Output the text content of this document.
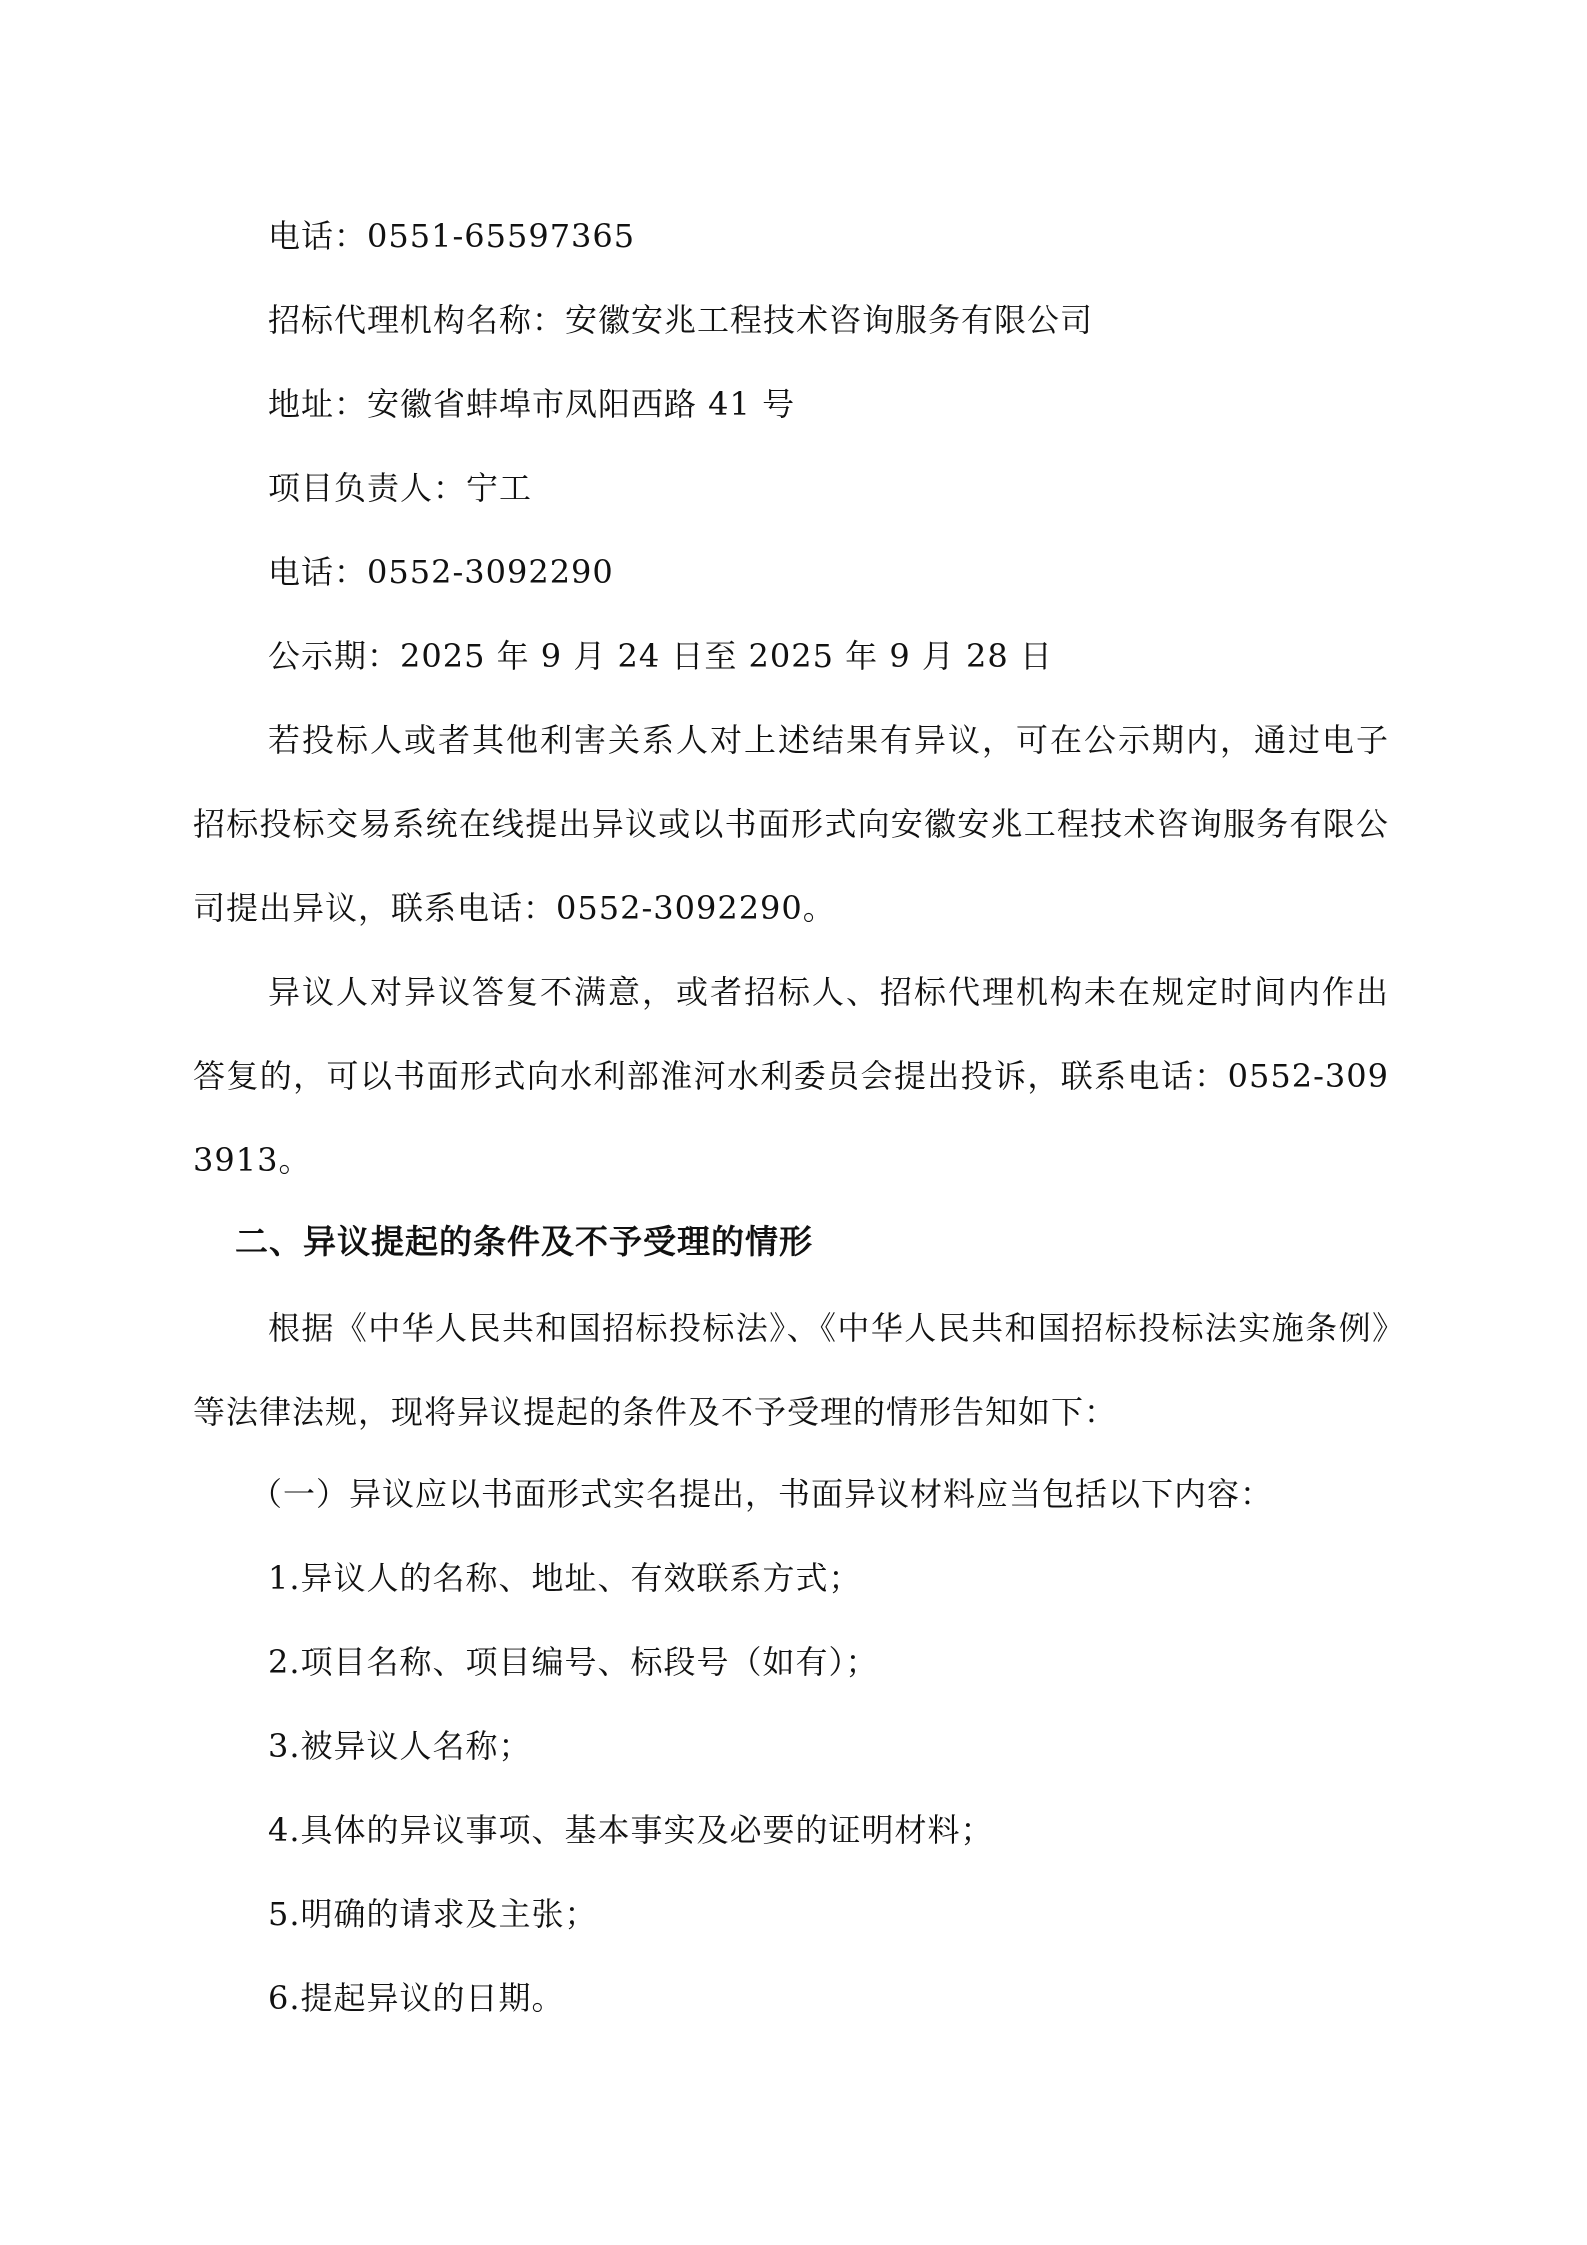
电话：0551-65597365
招标代理机构名称：安徽安兆工程技术咨询服务有限公司
地址：安徽省蚌埠市凤阳西路 41 号
项目负责人：宁工
电话：0552-3092290
公示期：2025 年 9 月 24 日至 2025 年 9 月 28 日
若投标人或者其他利害关系人对上述结果有异议，可在公示期内，通过电子招标投标交易系统在线提出异议或以书面形式向安徽安兆工程技术咨询服务有限公司提出异议，联系电话：0552-3092290。
异议人对异议答复不满意，或者招标人、招标代理机构未在规定时间内作出答复的，可以书面形式向水利部淮河水利委员会提出投诉，联系电话：0552-3093913。
二、异议提起的条件及不予受理的情形
根据《中华人民共和国招标投标法》、《中华人民共和国招标投标法实施条例》等法律法规，现将异议提起的条件及不予受理的情形告知如下：
（一）异议应以书面形式实名提出，书面异议材料应当包括以下内容：
1.异议人的名称、地址、有效联系方式；
2.项目名称、项目编号、标段号（如有）；
3.被异议人名称；
4.具体的异议事项、基本事实及必要的证明材料；
5.明确的请求及主张；
6.提起异议的日期。
